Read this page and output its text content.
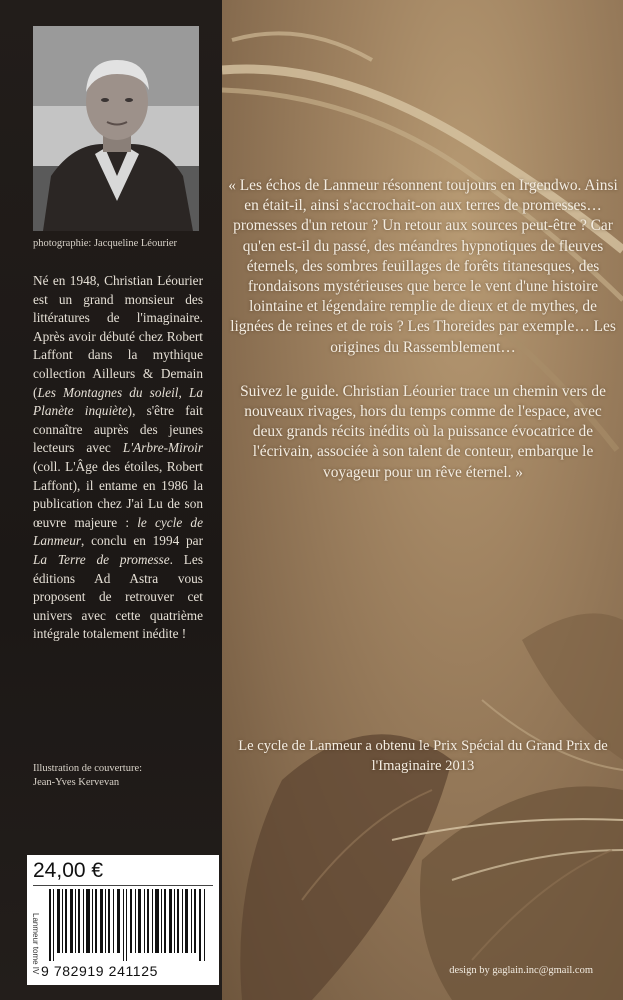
photographie: Jacqueline Léourier
Né en 1948, Christian Léourier est un grand monsieur des littératures de l'imaginaire. Après avoir débuté chez Robert Laffont dans la mythique collection Ailleurs & Demain (Les Montagnes du soleil, La Planète inquiète), s'être fait connaître auprès des jeunes lecteurs avec L'Arbre-Miroir (coll. L'Âge des étoiles, Robert Laffont), il entame en 1986 la publication chez J'ai Lu de son œuvre majeure : le cycle de Lanmeur, conclu en 1994 par La Terre de promesse. Les éditions Ad Astra vous proposent de retrouver cet univers avec cette quatrième intégrale totalement inédite !
Illustration de couverture:
Jean-Yves Kervevan

« Les échos de Lanmeur résonnent toujours en Irgendwo. Ainsi en était-il, ainsi s'accrochait-on aux terres de promesses… promesses d'un retour ? Un retour aux sources peut-être ? Car qu'en est-il du passé, des méandres hypnotiques de fleuves éternels, des sombres feuillages de forêts titanesques, des frondaisons mystérieuses que berce le vent d'une histoire lointaine et légendaire remplie de dieux et de mythes, de lignées de reines et de rois ? Les Thoreides par exemple… Les origines du Rassemblement…

Suivez le guide. Christian Léourier trace un chemin vers de nouveaux rivages, hors du temps comme de l'espace, avec deux grands récits inédits où la puissance évocatrice de l'écrivain, associée à son talent de conteur, embarque le voyageur pour un rêve éternel. »

Le cycle de Lanmeur a obtenu le Prix Spécial du Grand Prix de l'Imaginaire 2013
design by gaglain.inc@gmail.com
24,00 €
Lanmeur tome IV 9 782919 241125
